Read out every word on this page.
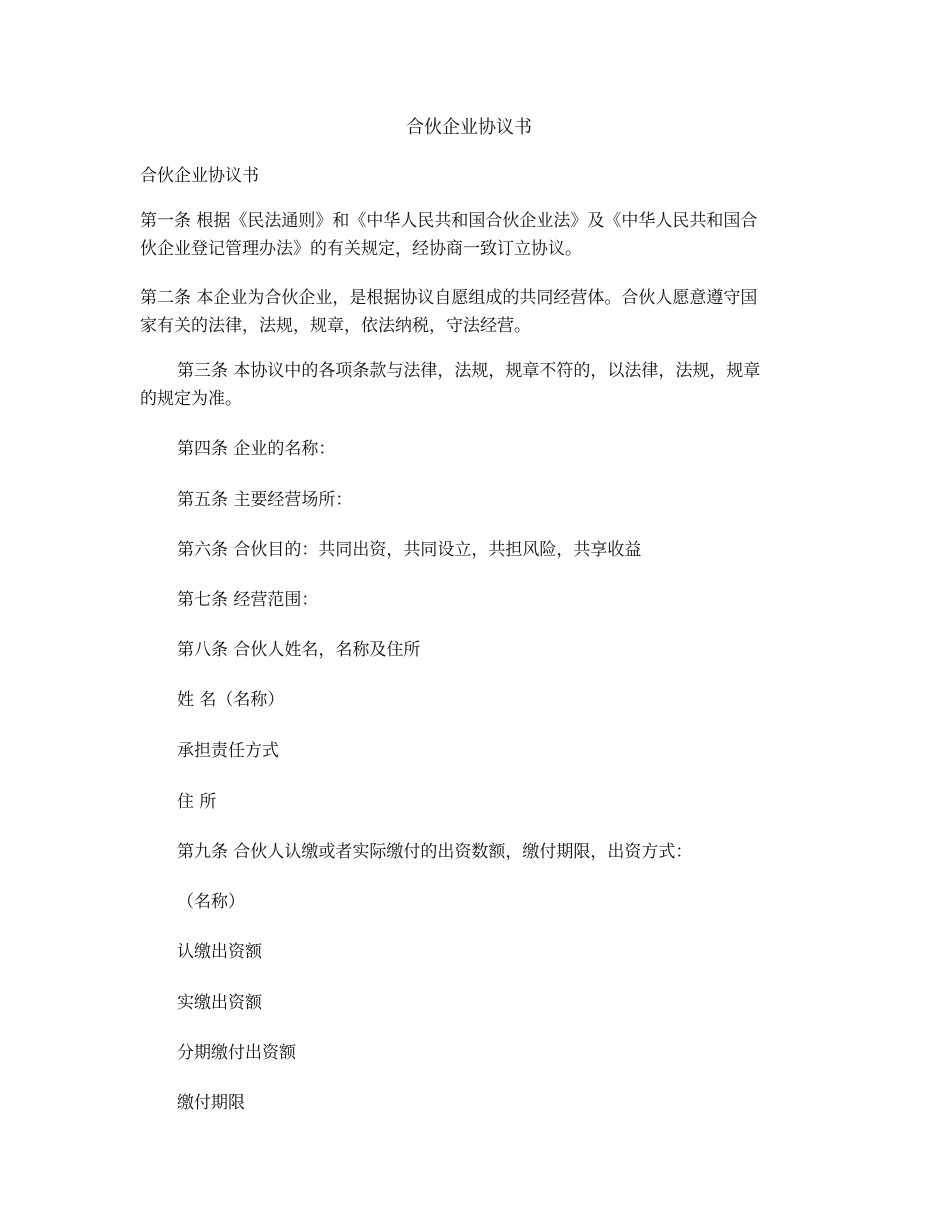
合伙企业协议书

合伙企业协议书

第一条 根据《民法通则》和《中华人民共和国合伙企业法》及《中华人民共和国合伙企业登记管理办法》的有关规定，经协商一致订立协议。

第二条 本企业为合伙企业，是根据协议自愿组成的共同经营体。合伙人愿意遵守国家有关的法律，法规，规章，依法纳税，守法经营。

第三条 本协议中的各项条款与法律，法规，规章不符的，以法律，法规，规章的规定为准。

第四条 企业的名称：

第五条 主要经营场所：

第六条 合伙目的：共同出资，共同设立，共担风险，共享收益

第七条 经营范围：

第八条 合伙人姓名，名称及住所

姓 名（名称）

承担责任方式

住 所

第九条 合伙人认缴或者实际缴付的出资数额，缴付期限，出资方式：

（名称）

认缴出资额

实缴出资额

分期缴付出资额

缴付期限
